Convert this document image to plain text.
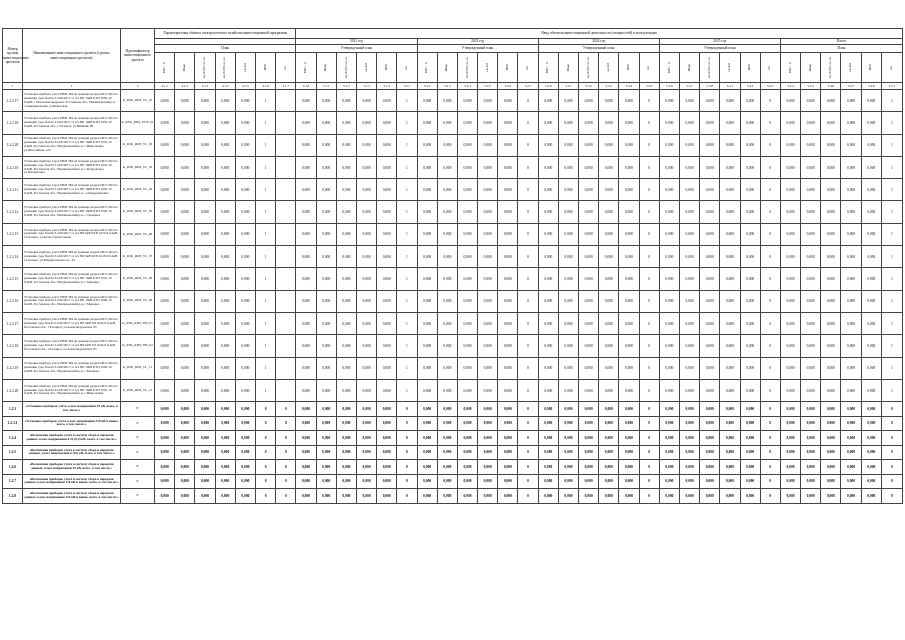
Номер группы инвестиционных проектов	Наименование инвестиционного проекта (группы инвестиционных проектов)	Идентификатор инвестиционного проекта	Характеристики объекта электросетевого хозяйства инвестиционной программы							Ввод объектов инвестиционной деятельности (мощностей) в эксплуатацию																													
										2021 год						2022 год						2024 год						2025 год						Итого					
			План							Утвержденный план						Утвержденный план						Утвержденный план						Утвержденный план						План					

			МВ×А	Мвар	км ЛЭП 1-го кл	км ЛЭП 2-го кл	км КЛ	МВт	шт	МВ×А	Мвар	км ЛЭП 1-го кл	км КЛ	МВт	шт	МВ×А	Мвар	км ЛЭП 1-го кл	км КЛ	МВт	шт	МВ×А	Мвар	км ЛЭП 1-го кл	км КЛ	МВт	шт	МВ×А	Мвар	км ЛЭП 1-го кл	км КЛ	МВт	шт	МВ×А	Мвар	км ЛЭП 1-го кл	км КЛ	МВт	шт

1	2	3	4.1.1	4.1.2	4.1.3	4.1.4	4.1.5	4.1.6	4.1.7	4.1.8	5.1.1	5.1.2	5.1.3	5.1.4	5.2.1	5.2.2	5.2.3	5.2.4	5.2.5	5.2.6	5.2.7	5.2.8	5.3.1	5.3.2	5.3.3	5.3.4	5.3.5	5.3.6	5.3.7	5.3.8	5.4.1	5.4.2	5.4.3	5.4.4	5.4.5	5.4.6	5.4.7	5.4.8	5.5.1
1.2.2.17	Установка прибора учета РИМ 384 на границе раздела БП СОО по решению суда №А32-31416/2017 от в/ч ВЛ 10кВ КТП 1005-10 0,4кВ, г. Новоалександровск, Ростовская обл., Неклиновский р-н, с.Лакедемоновка, ул.Береговая	K_RSK_RIM_VL_10	0,000	0,000	0,000	0,000	0,000	1		0,000	0,000	0,000	0,000	0,000	1	0,000	0,000	0,000	0,000	0,000	0	0,000	0,000	0,000	0,000	0,000	0	0,000	0,000	0,000	0,000	0,000	0	0,000	0,000	0,000	0,000	0,000	1
1.2.2.18	Установка прибора учета РИМ 384 на границе раздела БП СОО по решению суда №А32-31416/2017 от в/ч ВЛ 10кВ КТП 1054-10 0,4кВ, Ростовская обл., г.Таганрог, ул.Нижняя, 80	K_RSK_RIM_TP10_01	0,000	0,000	0,000	0,000	0,000	1		0,000	0,000	0,000	0,000	0,000	1	0,000	0,000	0,000	0,000	0,000	0	0,000	0,000	0,000	0,000	0,000	0	0,000	0,000	0,000	0,000	0,000	0	0,000	0,000	0,000	0,000	0,000	1
1.2.2.20	Установка прибора учета РИМ 384 на границе раздела БП СОО по решению суда №А32-31416/2017 от в/ч ВЛ 10кВ КТП 1019-10 0,4кВ, Ростовская обл., Неклиновский р-н, с.Николаевка, ул.Шоссейная, 124	K_RSK_RIM_VL_02	0,000	0,000	0,000	0,000	0,000	1		0,000	0,000	0,000	0,000	0,000	1	0,000	0,000	0,000	0,000	0,000	0	0,000	0,000	0,000	0,000	0,000	0	0,000	0,000	0,000	0,000	0,000	0	0,000	0,000	0,000	0,000	0,000	1
1.2.2.10	Установка прибора учета РИМ 384 на границе раздела БП СОО по решению суда №А32-31416/2017 от в/ч ВЛ 10кВ КТП 1052-10 0,4кВ, Ростовская обл., Неклиновский р-н, с.Покровское, ул.Пионерская	K_RSK_RIM_VL_03	0,000	0,000	0,000	0,000	0,000	1		0,000	0,000	0,000	0,000	0,000	1	0,000	0,000	0,000	0,000	0,000	0	0,000	0,000	0,000	0,000	0,000	0	0,000	0,000	0,000	0,000	0,000	0	0,000	0,000	0,000	0,000	0,000	1
1.2.2.11	Установка прибора учета РИМ 384 на границе раздела БП СОО по решению суда №А32-31416/2017 от в/ч ВЛ 10кВ КТП 1003-10 0,4кВ, Ростовская обл., Неклиновский р-н, с.Лакедемоновка	K_RSK_RIM_VL_04	0,000	0,000	0,000	0,000	0,000	1		0,000	0,000	0,000	0,000	0,000	1	0,000	0,000	0,000	0,000	0,000	0	0,000	0,000	0,000	0,000	0,000	0	0,000	0,000	0,000	0,000	0,000	0	0,000	0,000	0,000	0,000	0,000	1
1.2.2.12	Установка прибора учета РИМ 384 на границе раздела БП СОО по решению суда №А32-31416/2017 от в/ч ВЛ 10кВ КТП 1005-10 0,4кВ, Ростовская обл., Неклиновский р-н, с.Троицкое	K_RSK_RIM_VL_05	0,000	0,000	0,000	0,000	0,000	1		0,000	0,000	0,000	0,000	0,000	1	0,000	0,000	0,000	0,000	0,000	0	0,000	0,000	0,000	0,000	0,000	0	0,000	0,000	0,000	0,000	0,000	0	0,000	0,000	0,000	0,000	0,000	1
1.2.2.13	Установка прибора учета РИМ 384 на границе раздела БП СОО по решению суда №А32-31416/2017 от в/ч ВЛ 6кВ КТП 1070-6 0,4кВ, г.Таганрог, ул.Котлостроительная	K_RSK_RIM_VL_06	0,000	0,000	0,000	0,000	0,000	1		0,000	0,000	0,000	0,000	0,000	1	0,000	0,000	0,000	0,000	0,000	0	0,000	0,000	0,000	0,000	0,000	0	0,000	0,000	0,000	0,000	0,000	0	0,000	0,000	0,000	0,000	0,000	1
1.2.2.14	Установка прибора учета РИМ 384 на границе раздела БП СОО по решению суда №А32-31416/2017 от в/ч ВЛ 6кВ КТП 1018-6 0,4кВ, г.Таганрог, ул.Мариупольское ш., 43	K_RSK_RIM_VL_07	0,000	0,000	0,000	0,000	0,000	1		0,000	0,000	0,000	0,000	0,000	1	0,000	0,000	0,000	0,000	0,000	0	0,000	0,000	0,000	0,000	0,000	0	0,000	0,000	0,000	0,000	0,000	0	0,000	0,000	0,000	0,000	0,000	1
1.2.2.15	Установка прибора учета РИМ 384 на границе раздела БП СОО по решению суда №А32-31416/2017 от в/ч ВЛ 10кВ КТП 1021-10 0,4кВ, Ростовская обл., Неклиновский р-н, с.Марцево	K_RSK_RIM_VL_08	0,000	0,000	0,000	0,000	0,000	1		0,000	0,000	0,000	0,000	0,000	1	0,000	0,000	0,000	0,000	0,000	0	0,000	0,000	0,000	0,000	0,000	0	0,000	0,000	0,000	0,000	0,000	0	0,000	0,000	0,000	0,000	0,000	1
1.2.2.16	Установка прибора учета РИМ 384 на границе раздела БП СОО по решению суда №А32-31416/2017 от в/ч ВЛ 10кВ КТП 1060-10 0,4кВ, Ростовская обл., Неклиновский р-н, с.Марцево	K_RSK_RIM_VL_09	0,000	0,000	0,000	0,000	0,000	1		0,000	0,000	0,000	0,000	0,000	1	0,000	0,000	0,000	0,000	0,000	0	0,000	0,000	0,000	0,000	0,000	0	0,000	0,000	0,000	0,000	0,000	0	0,000	0,000	0,000	0,000	0,000	1
1.2.2.17	Установка прибора учета РИМ 384 на границе раздела БП СОО по решению суда №А32-31416/2017 от в/ч ВЛ 6кВ ТП 1043-6 0,4кВ, Ростовская обл., г.Таганрог, ул.Александровская, 85	K_RSK_RIM_TP6_01	0,000	0,000	0,000	0,000	0,000	1		0,000	0,000	0,000	0,000	0,000	1	0,000	0,000	0,000	0,000	0,000	0	0,000	0,000	0,000	0,000	0,000	0	0,000	0,000	0,000	0,000	0,000	0	0,000	0,000	0,000	0,000	0,000	1
1.2.2.18	Установка прибора учета РИМ 384 на границе раздела БП СОО по решению суда №А32-31416/2017 от в/ч ВЛ 6кВ ТП 1043-6 0,4кВ, Ростовская обл., г.Таганрог, ул.Александровская, 85	K_RSK_RIM_TP6_02	0,000	0,000	0,000	0,000	0,000	1		0,000	0,000	0,000	0,000	0,000	1	0,000	0,000	0,000	0,000	0,000	0	0,000	0,000	0,000	0,000	0,000	0	0,000	0,000	0,000	0,000	0,000	0	0,000	0,000	0,000	0,000	0,000	1
1.2.2.19	Установка прибора учета РИМ 384 на границе раздела БП СОО по решению суда №А32-31416/2017 от в/ч ВЛ 10кВ КТП 1004-10 0,4кВ, Ростовская обл., Неклиновский р-н, с.Бегаково	K_RSK_RIM_VL_11	0,000	0,000	0,000	0,000	0,000	1		0,000	0,000	0,000	0,000	0,000	1	0,000	0,000	0,000	0,000	0,000	0	0,000	0,000	0,000	0,000	0,000	0	0,000	0,000	0,000	0,000	0,000	0	0,000	0,000	0,000	0,000	0,000	1
1.2.2.20	Установка прибора учета РИМ 384 на границе раздела БП СОО по решению суда №А32-31416/2017 от в/ч ВЛ 10кВ КТП 1001-10 0,4кВ, Ростовская обл., Неклиновский р-н, с.Николаевка	K_RSK_RIM_VL_12	0,000	0,000	0,000	0,000	0,000	1		0,000	0,000	0,000	0,000	0,000	1	0,000	0,000	0,000	0,000	0,000	0	0,000	0,000	0,000	0,000	0,000	0	0,000	0,000	0,000	0,000	0,000	0	0,000	0,000	0,000	0,000	0,000	1
1.2.3	«Установка приборов учета, класс напряжения 35 кВ, всего, в том числе:»	Г	0,000	0,000	0,000	0,000	0,000	0	0	0,000	0,000	0,000	0,000	0,000	0	0,000	0,000	0,000	0,000	0,000	0	0,000	0,000	0,000	0,000	0,000	0	0,000	0,000	0,000	0,000	0,000	0	0,000	0,000	0,000	0,000	0,000	0
1.2.3.1	«Установка приборов учета, класс напряжения 110 кВ и выше, всего, в том числе:»	Г	0,000	0,000	0,000	0,000	0,000	0	0	0,000	0,000	0,000	0,000	0,000	0	0,000	0,000	0,000	0,000	0,000	0	0,000	0,000	0,000	0,000	0,000	0	0,000	0,000	0,000	0,000	0,000	0	0,000	0,000	0,000	0,000	0,000	0
1.2.4	«Включение приборов учета в систему сбора и передачи данных, класс напряжения 0,22 (0,4) кВ, всего, в том числе:»	Г	0,000	0,000	0,000	0,000	0,000	0	0	0,000	0,000	0,000	0,000	0,000	0	0,000	0,000	0,000	0,000	0,000	0	0,000	0,000	0,000	0,000	0,000	0	0,000	0,000	0,000	0,000	0,000	0	0,000	0,000	0,000	0,000	0,000	0
1.2.5	«Включение приборов учета в систему сбора и передачи данных, класс напряжения 6 (10) кВ, всего, в том числе:»	Г	0,000	0,000	0,000	0,000	0,000	0	0	0,000	0,000	0,000	0,000	0,000	0	0,000	0,000	0,000	0,000	0,000	0	0,000	0,000	0,000	0,000	0,000	0	0,000	0,000	0,000	0,000	0,000	0	0,000	0,000	0,000	0,000	0,000	0
1.2.6	«Включение приборов учета в систему сбора и передачи данных, класс напряжения 35 кВ, всего, в том числе:»	Г	0,000	0,000	0,000	0,000	0,000	0	0	0,000	0,000	0,000	0,000	0,000	0	0,000	0,000	0,000	0,000	0,000	0	0,000	0,000	0,000	0,000	0,000	0	0,000	0,000	0,000	0,000	0,000	0	0,000	0,000	0,000	0,000	0,000	0
1.2.7	«Включение приборов учета в систему сбора и передачи данных, класс напряжения 110 кВ и выше, всего, в том числе:»	Г	0,000	0,000	0,000	0,000	0,000	0	0	0,000	0,000	0,000	0,000	0,000	0	0,000	0,000	0,000	0,000	0,000	0	0,000	0,000	0,000	0,000	0,000	0	0,000	0,000	0,000	0,000	0,000	0	0,000	0,000	0,000	0,000	0,000	0
1.2.8	«Включение приборов учета в систему сбора и передачи данных, класс напряжения 110 кВ и выше, всего, в том числе:»	Г	0,000	0,000	0,000	0,000	0,000	0	0	0,000	0,000	0,000	0,000	0,000	0	0,000	0,000	0,000	0,000	0,000	0	0,000	0,000	0,000	0,000	0,000	0	0,000	0,000	0,000	0,000	0,000	0	0,000	0,000	0,000	0,000	0,000	0
